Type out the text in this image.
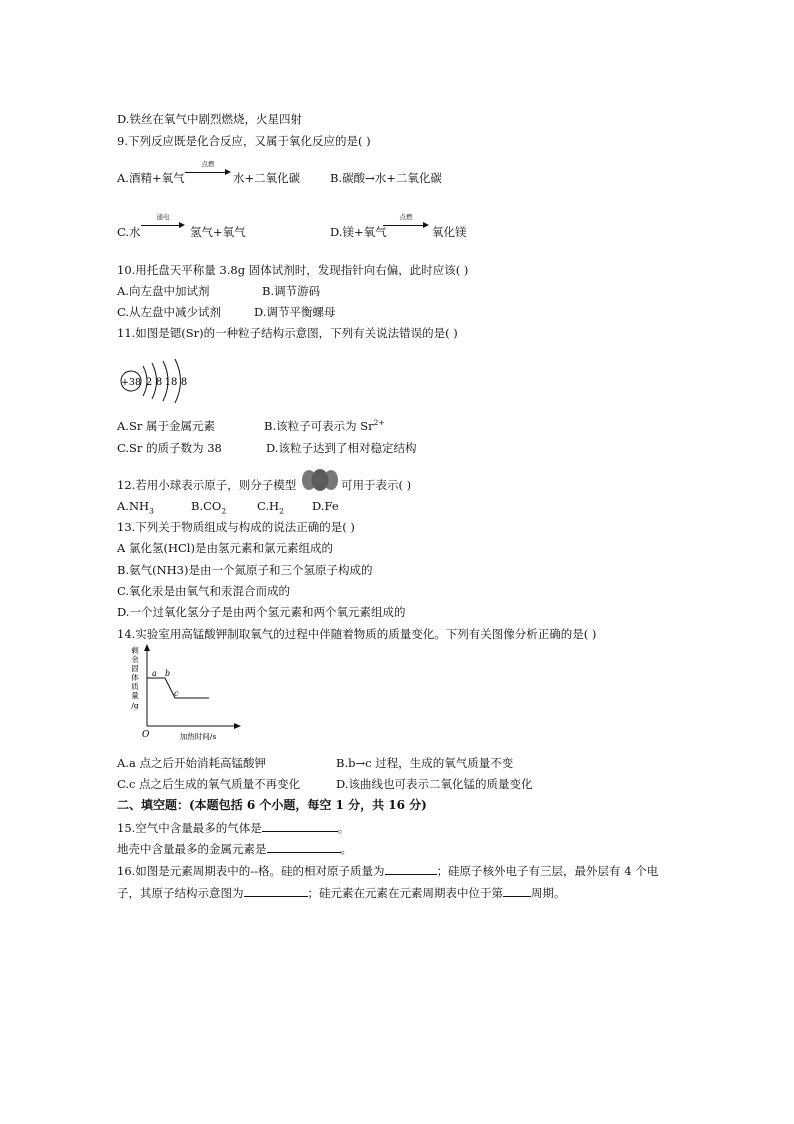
D.铁丝在氧气中剧烈燃烧，火星四射
9.下列反应既是化合反应，又属于氧化反应的是( )
A.酒精+氧气
点燃
水+二氧化碳	B.碳酸→水+二氧化碳
C.水
通电
氢气+氧气	D.镁+氧气
点燃
氧化镁
10.用托盘天平称量 3.8g 固体试剂时，发现指针向右偏，此时应该( )
A.向左盘中加试剂	B.调节游码
C.从左盘中减少试剂	D.调节平衡螺母
11.如图是锶(Sr)的一种粒子结构示意图，下列有关说法错误的是( )
+38 2 8 18 8
A.Sr 属于金属元素	B.该粒子可表示为 $Sr^{2+}$
C.Sr 的质子数为 38	D.该粒子达到了相对稳定结构
12.若用小球表示原子，则分子模型	可用于表示( )
$A.NH_3$	$B.CO_2$	$C.H_2$ D.Fe
13.下列关于物质组成与构成的说法正确的是( )
A 氯化氢(HCl)是由氢元素和氯元素组成的
B.氨气(NH3)是由一个氮原子和三个氢原子构成的
C.氧化汞是由氧气和汞混合而成的
D.一个过氧化氢分子是由两个氢元素和两个氧元素组成的
14.实验室用高锰酸钾制取氧气的过程中伴随着物质的质量变化。下列有关图像分析正确的是( )
剩
余
固
体
质
量
/g
a b
c
O	加热时间/s
A.a 点之后开始消耗高锰酸钾	B.b→c 过程，生成的氧气质量不变
C.c 点之后生成的氧气质量不再变化	D.该曲线也可表示二氧化锰的质量变化
二、填空题：(本题包括 6 个小题，每空 1 分，共 16 分)
15.空气中含量最多的气体是	。
地壳中含量最多的金属元素是	。
16.如图是元素周期表中的--格。硅的相对原子质量为	；硅原子核外电子有三层，最外层有 4 个电
子，其原子结构示意图为	；硅元素在元素在元素周期表中位于第 周期。
